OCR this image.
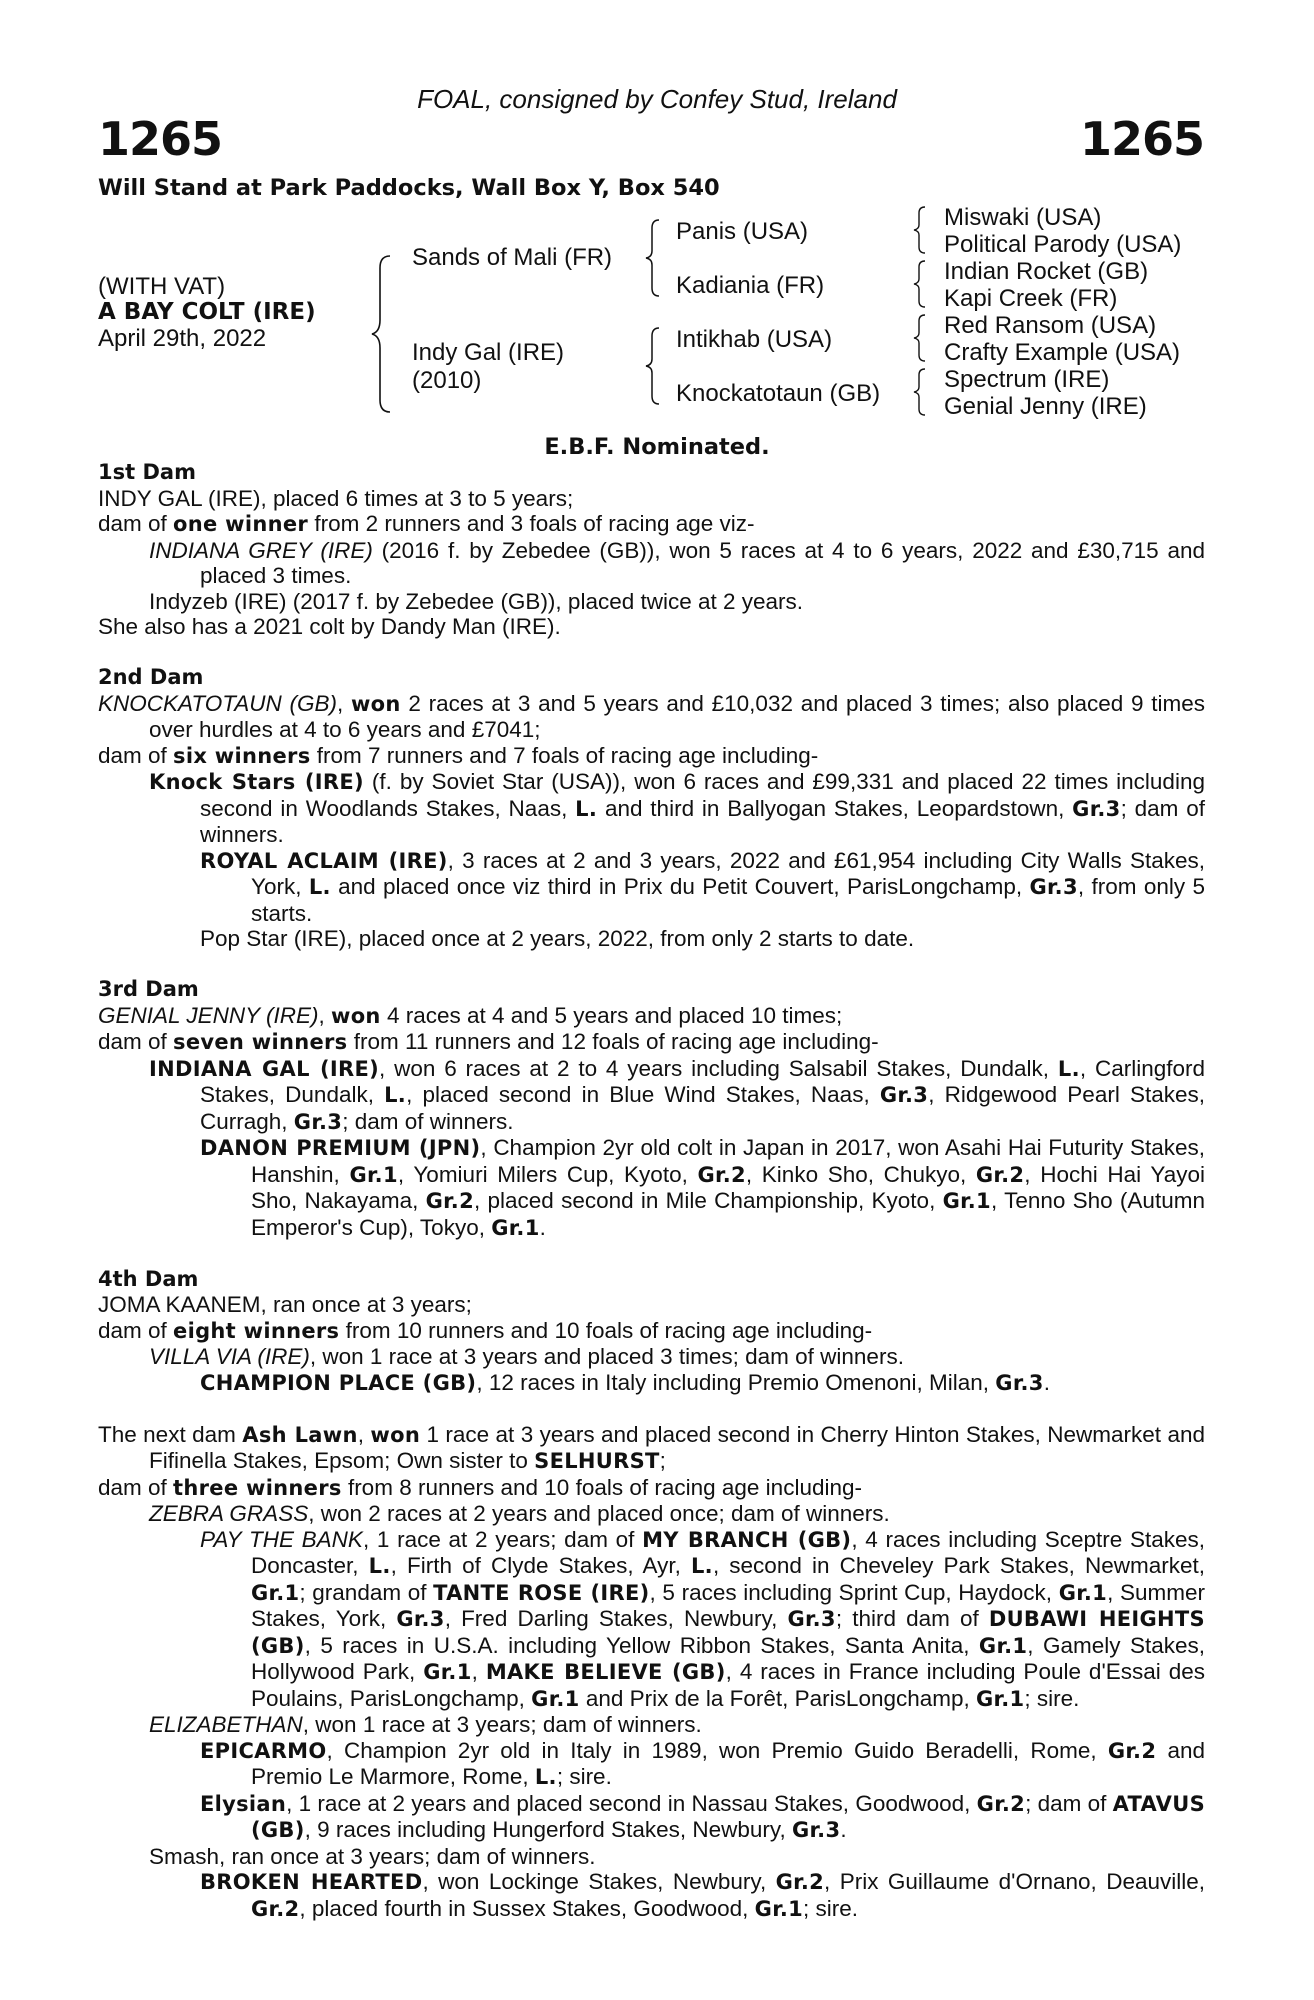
FOAL, consigned by Confey Stud, Ireland
1265	1265
Will Stand at Park Paddocks, Wall Box Y, Box 540
(WITH VAT)
A BAY COLT (IRE)
April 29th, 2022
Sands of Mali (FR)
Indy Gal (IRE)
(2010)
Panis (USA)
Kadiania (FR)
Intikhab (USA)
Knockatotaun (GB)
Miswaki (USA)
Political Parody (USA)
Indian Rocket (GB)
Kapi Creek (FR)
Red Ransom (USA)
Crafty Example (USA)
Spectrum (IRE)
Genial Jenny (IRE)
E.B.F. Nominated.

1st Dam

INDY GAL (IRE), placed 6 times at 3 to 5 years;

dam of one winner from 2 runners and 3 foals of racing age viz-

INDIANA GREY (IRE) (2016 f. by Zebedee (GB)), won 5 races at 4 to 6 years, 2022 and £30,715 and placed 3 times.

Indyzeb (IRE) (2017 f. by Zebedee (GB)), placed twice at 2 years.

She also has a 2021 colt by Dandy Man (IRE).

2nd Dam

KNOCKATOTAUN (GB), won 2 races at 3 and 5 years and £10,032 and placed 3 times; also placed 9 times over hurdles at 4 to 6 years and £7041;

dam of six winners from 7 runners and 7 foals of racing age including-

Knock Stars (IRE) (f. by Soviet Star (USA)), won 6 races and £99,331 and placed 22 times including second in Woodlands Stakes, Naas, L. and third in Ballyogan Stakes, Leopardstown, Gr.3; dam of winners.

ROYAL ACLAIM (IRE), 3 races at 2 and 3 years, 2022 and £61,954 including City Walls Stakes, York, L. and placed once viz third in Prix du Petit Couvert, ParisLongchamp, Gr.3, from only 5 starts.

Pop Star (IRE), placed once at 2 years, 2022, from only 2 starts to date.

3rd Dam

GENIAL JENNY (IRE), won 4 races at 4 and 5 years and placed 10 times;

dam of seven winners from 11 runners and 12 foals of racing age including-

INDIANA GAL (IRE), won 6 races at 2 to 4 years including Salsabil Stakes, Dundalk, L., Carlingford Stakes, Dundalk, L., placed second in Blue Wind Stakes, Naas, Gr.3, Ridgewood Pearl Stakes, Curragh, Gr.3; dam of winners.

DANON PREMIUM (JPN), Champion 2yr old colt in Japan in 2017, won Asahi Hai Futurity Stakes, Hanshin, Gr.1, Yomiuri Milers Cup, Kyoto, Gr.2, Kinko Sho, Chukyo, Gr.2, Hochi Hai Yayoi Sho, Nakayama, Gr.2, placed second in Mile Championship, Kyoto, Gr.1, Tenno Sho (Autumn Emperor's Cup), Tokyo, Gr.1.

4th Dam

JOMA KAANEM, ran once at 3 years;

dam of eight winners from 10 runners and 10 foals of racing age including-

VILLA VIA (IRE), won 1 race at 3 years and placed 3 times; dam of winners.

CHAMPION PLACE (GB), 12 races in Italy including Premio Omenoni, Milan, Gr.3.

The next dam Ash Lawn, won 1 race at 3 years and placed second in Cherry Hinton Stakes, Newmarket and Fifinella Stakes, Epsom; Own sister to SELHURST;

dam of three winners from 8 runners and 10 foals of racing age including-

ZEBRA GRASS, won 2 races at 2 years and placed once; dam of winners.

PAY THE BANK, 1 race at 2 years; dam of MY BRANCH (GB), 4 races including Sceptre Stakes, Doncaster, L., Firth of Clyde Stakes, Ayr, L., second in Cheveley Park Stakes, Newmarket, Gr.1; grandam of TANTE ROSE (IRE), 5 races including Sprint Cup, Haydock, Gr.1, Summer Stakes, York, Gr.3, Fred Darling Stakes, Newbury, Gr.3; third dam of DUBAWI HEIGHTS (GB), 5 races in U.S.A. including Yellow Ribbon Stakes, Santa Anita, Gr.1, Gamely Stakes, Hollywood Park, Gr.1, MAKE BELIEVE (GB), 4 races in France including Poule d'Essai des Poulains, ParisLongchamp, Gr.1 and Prix de la Forêt, ParisLongchamp, Gr.1; sire.

ELIZABETHAN, won 1 race at 3 years; dam of winners.

EPICARMO, Champion 2yr old in Italy in 1989, won Premio Guido Beradelli, Rome, Gr.2 and Premio Le Marmore, Rome, L.; sire.

Elysian, 1 race at 2 years and placed second in Nassau Stakes, Goodwood, Gr.2; dam of ATAVUS (GB), 9 races including Hungerford Stakes, Newbury, Gr.3.

Smash, ran once at 3 years; dam of winners.

BROKEN HEARTED, won Lockinge Stakes, Newbury, Gr.2, Prix Guillaume d'Ornano, Deauville, Gr.2, placed fourth in Sussex Stakes, Goodwood, Gr.1; sire.
